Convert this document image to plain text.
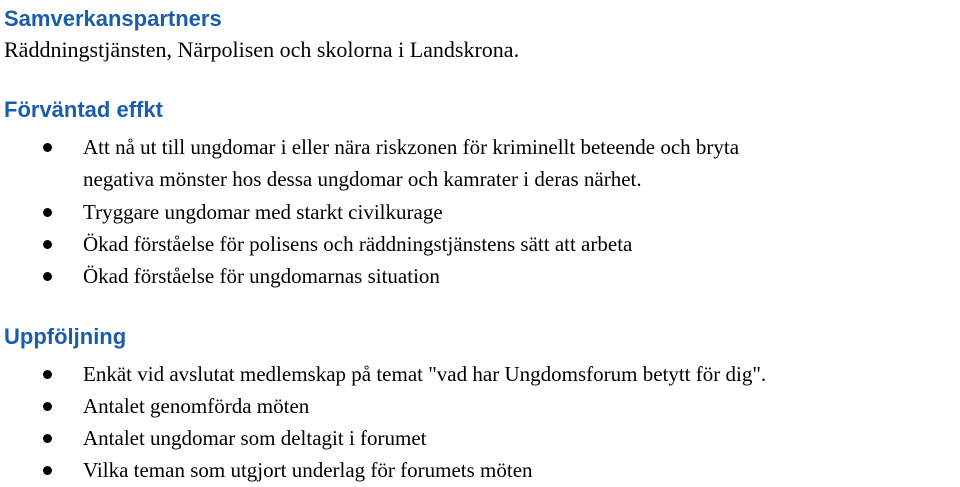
Samverkanspartners

Räddningstjänsten, Närpolisen och skolorna i Landskrona.

Förväntad effkt

Att nå ut till ungdomar i eller nära riskzonen för kriminellt beteende och bryta
negativa mönster hos dessa ungdomar och kamrater i deras närhet.

Tryggare ungdomar med starkt civilkurage

Ökad förståelse för polisens och räddningstjänstens sätt att arbeta

Ökad förståelse för ungdomarnas situation

Uppföljning

Enkät vid avslutat medlemskap på temat "vad har Ungdomsforum betytt för dig".

Antalet genomförda möten

Antalet ungdomar som deltagit i forumet

Vilka teman som utgjort underlag för forumets möten
